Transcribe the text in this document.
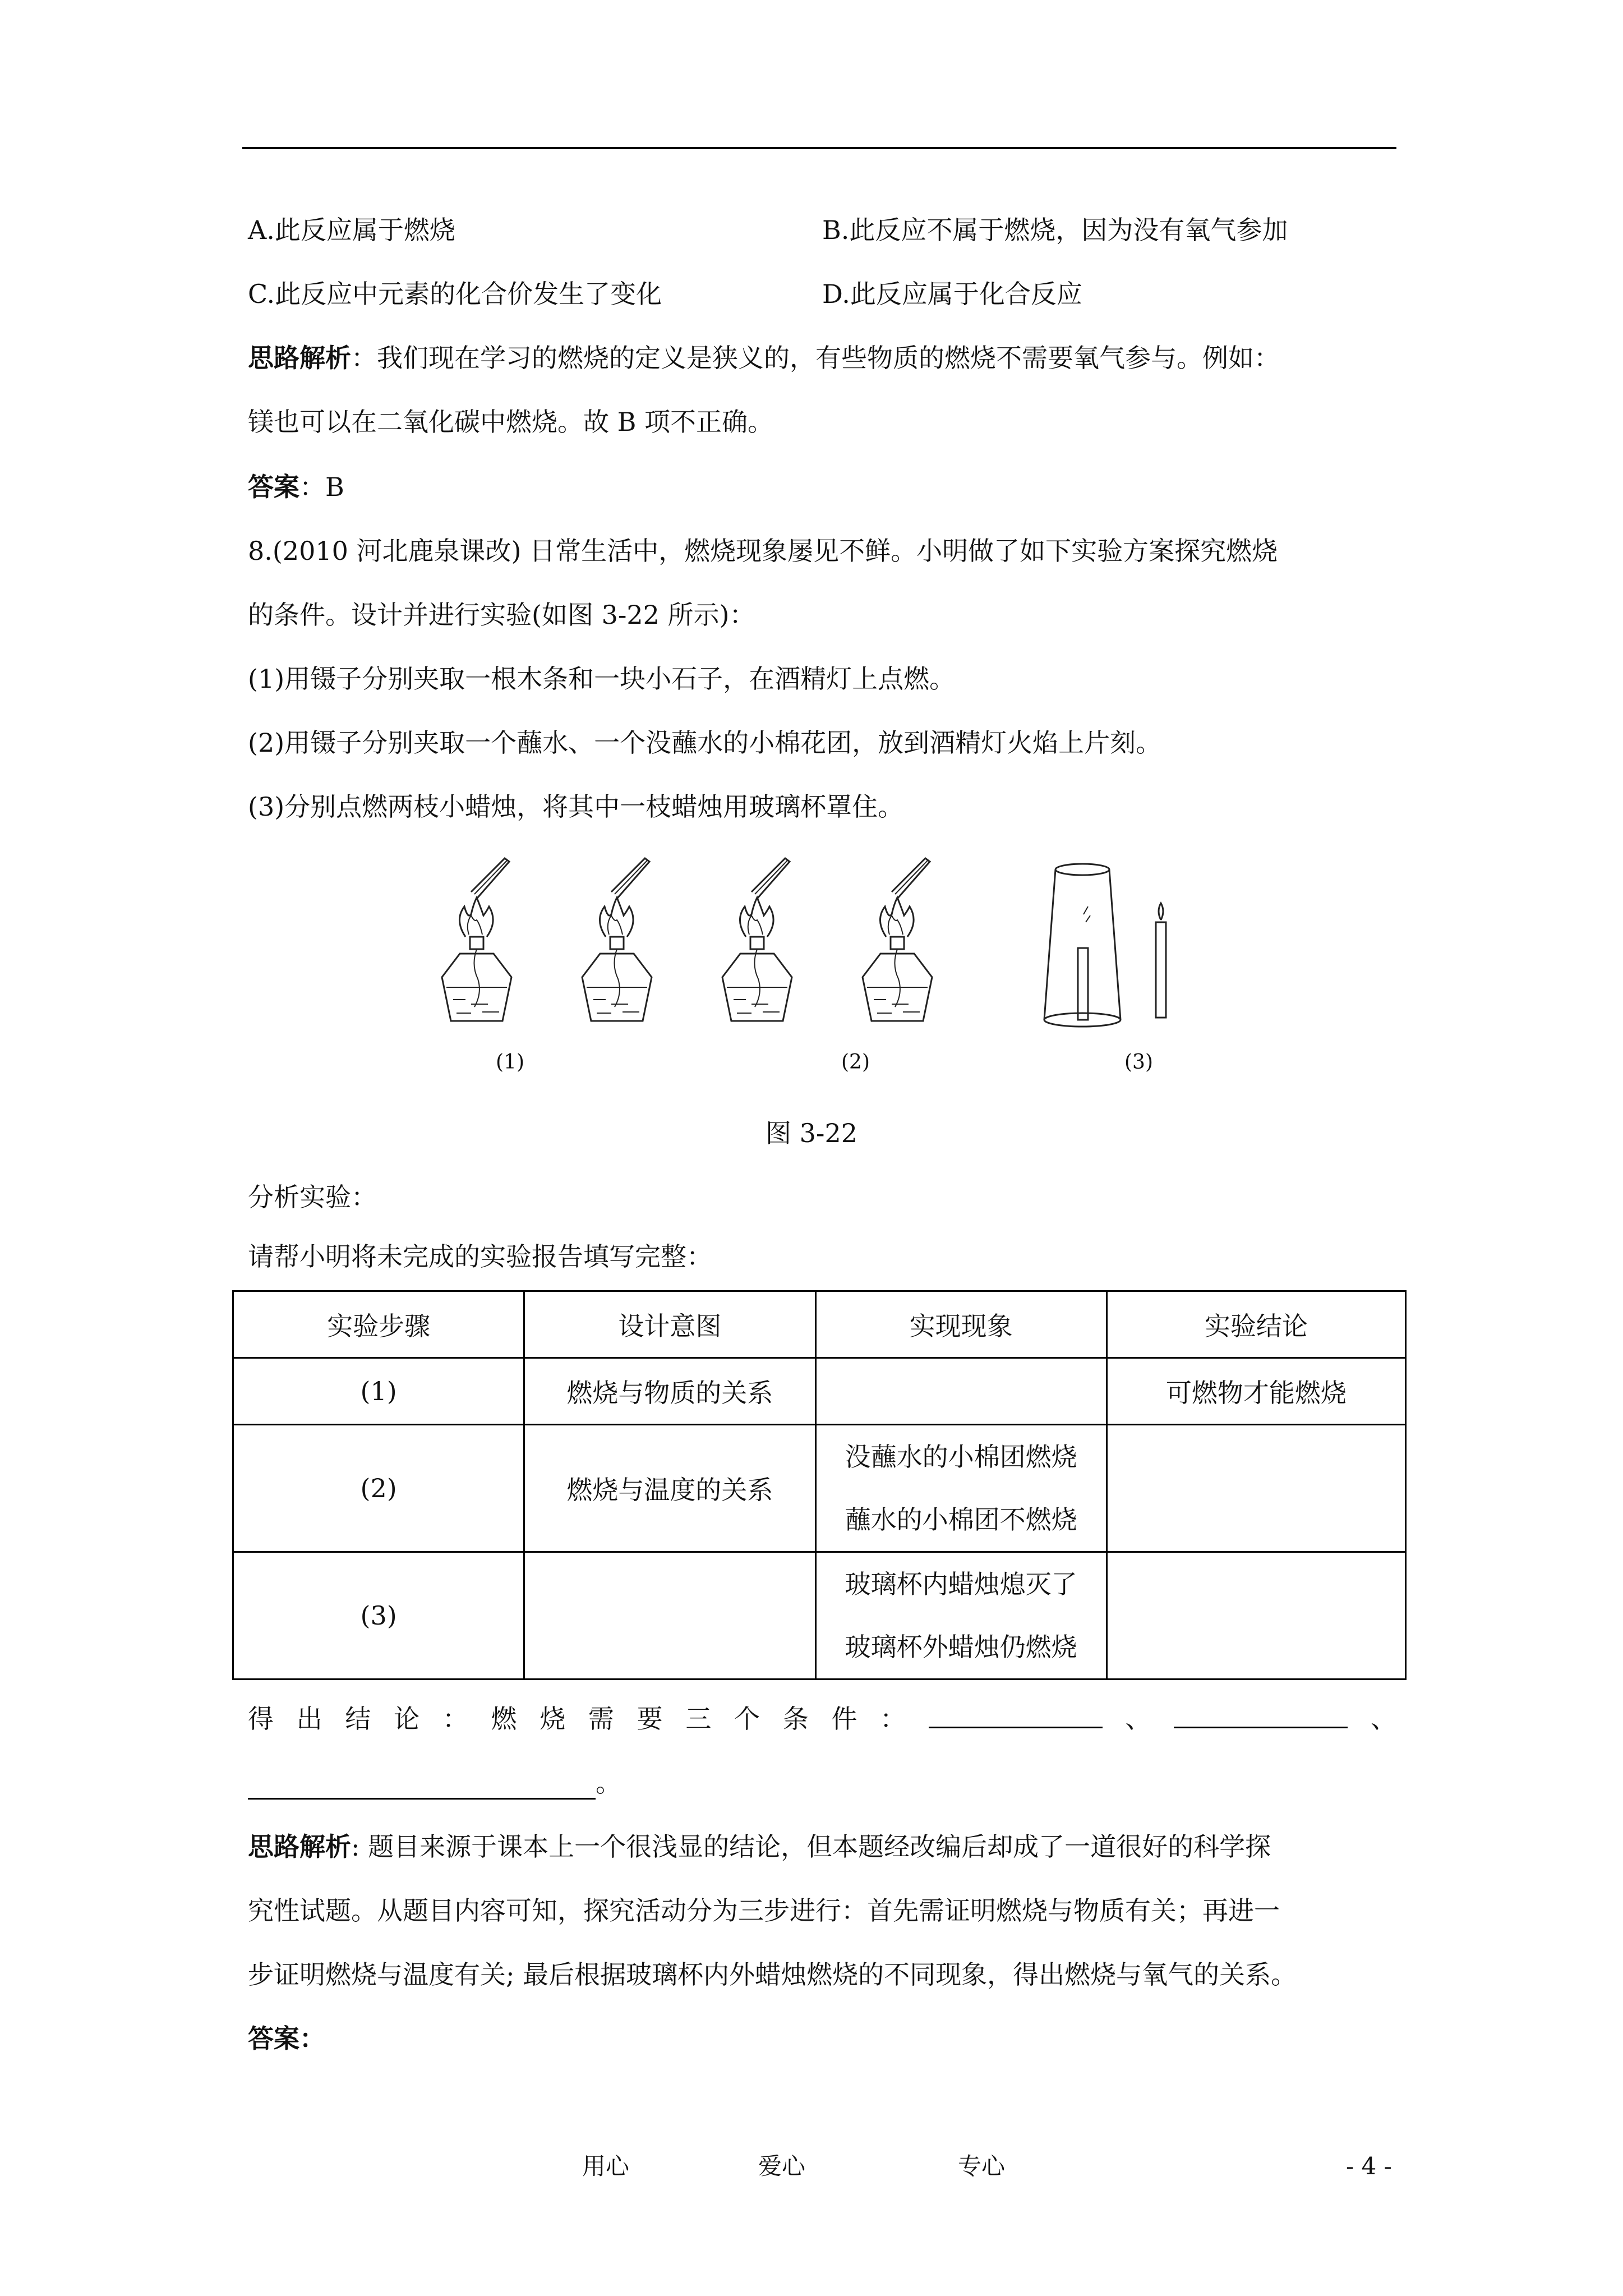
A.此反应属于燃烧	B.此反应不属于燃烧，因为没有氧气参加
C.此反应中元素的化合价发生了变化	D.此反应属于化合反应
思路解析：我们现在学习的燃烧的定义是狭义的，有些物质的燃烧不需要氧气参与。例如：
镁也可以在二氧化碳中燃烧。故 B 项不正确。
答案：B
8.(2010 河北鹿泉课改) 日常生活中，燃烧现象屡见不鲜。小明做了如下实验方案探究燃烧
的条件。设计并进行实验(如图 3-22 所示)：
(1)用镊子分别夹取一根木条和一块小石子，在酒精灯上点燃。
(2)用镊子分别夹取一个蘸水、一个没蘸水的小棉花团，放到酒精灯火焰上片刻。
(3)分别点燃两枝小蜡烛，将其中一枝蜡烛用玻璃杯罩住。
(1)	(2)	(3)
图 3-22
分析实验：
请帮小明将未完成的实验报告填写完整：
实验步骤	设计意图	实现现象	实验结论
(1)	燃烧与物质的关系		可燃物才能燃烧
(2)	燃烧与温度的关系	没蘸水的小棉团燃烧
蘸水的小棉团不燃烧	

(3)		玻璃杯内蜡烛熄灭了
玻璃杯外蜡烛仍燃烧	

得 出 结 论 ： 燃 烧 需 要 三 个 条 件 ：	、	、
。
思路解析: 题目来源于课本上一个很浅显的结论，但本题经改编后却成了一道很好的科学探
究性试题。从题目内容可知，探究活动分为三步进行：首先需证明燃烧与物质有关；再进一
步证明燃烧与温度有关; 最后根据玻璃杯内外蜡烛燃烧的不同现象，得出燃烧与氧气的关系。
答案：
用心	爱心	专心	- 4 -
